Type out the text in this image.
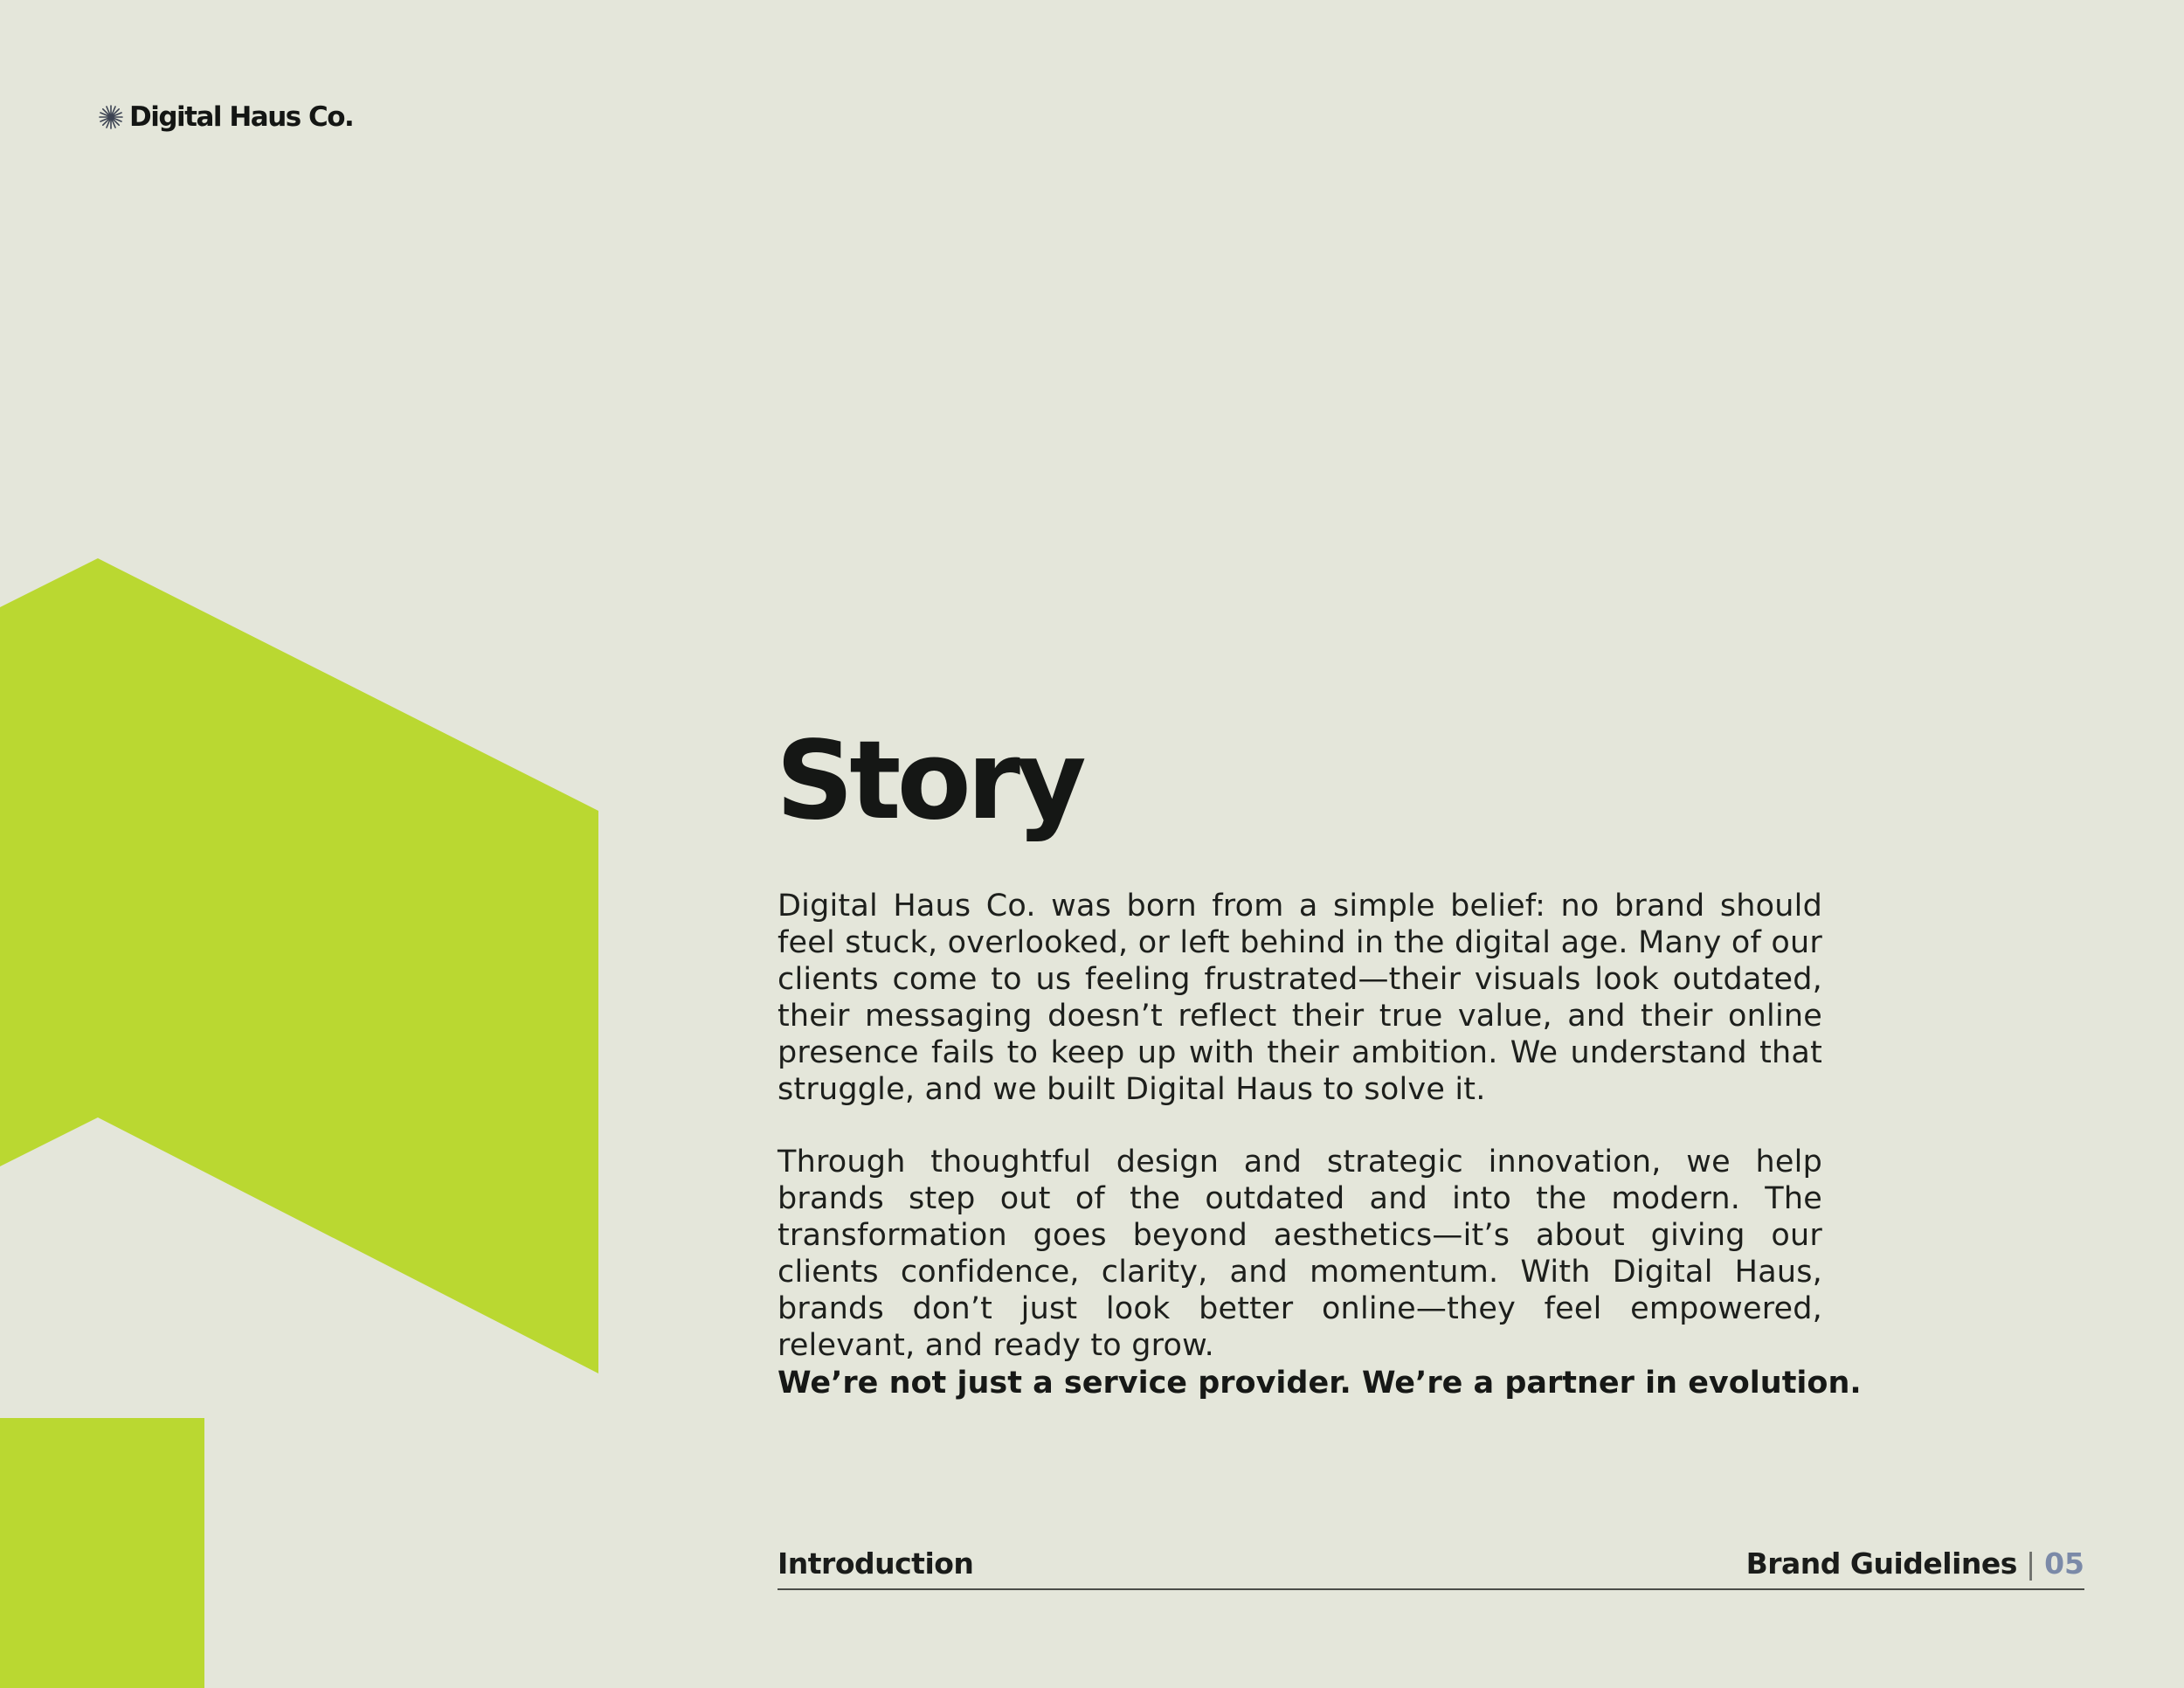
Digital Haus Co.
Story

Digital Haus Co. was born from a simple belief: no brand should feel stuck, overlooked, or left behind in the digital age. Many of our clients come to us feeling frustrated—their visuals look outdated, their messaging doesn’t reflect their true value, and their online presence fails to keep up with their ambition. We understand that struggle, and we built Digital Haus to solve it.

Through thoughtful design and strategic innovation, we help brands step out of the outdated and into the modern. The transformation goes beyond aesthetics—it’s about giving our clients confidence, clarity, and momentum. With Digital Haus, brands don’t just look better online—they feel empowered, relevant, and ready to grow.

We’re not just a service provider. We’re a partner in evolution.

Introduction	Brand Guidelines | 05
